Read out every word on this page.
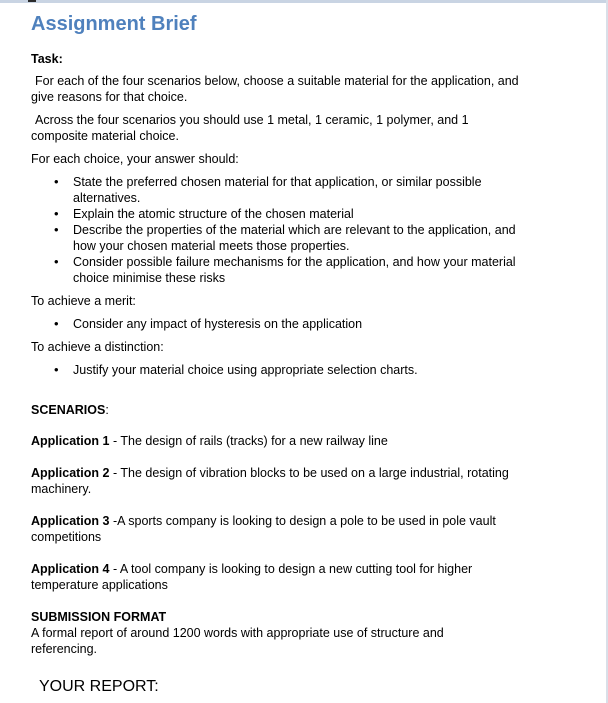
Assignment Brief
Task:

For each of the four scenarios below, choose a suitable material for the application, and give reasons for that choice.

Across the four scenarios you should use 1 metal, 1 ceramic, 1 polymer, and 1 composite material choice.

For each choice, your answer should:
• State the preferred chosen material for that application, or similar possible alternatives.
• Explain the atomic structure of the chosen material
• Describe the properties of the material which are relevant to the application, and how your chosen material meets those properties.
• Consider possible failure mechanisms for the application, and how your material choice minimise these risks
To achieve a merit:
• Consider any impact of hysteresis on the application
To achieve a distinction:
• Justify your material choice using appropriate selection charts.
SCENARIOS:
Application 1 - The design of rails (tracks) for a new railway line
Application 2 - The design of vibration blocks to be used on a large industrial, rotating machinery.
Application 3 -A sports company is looking to design a pole to be used in pole vault competitions
Application 4 - A tool company is looking to design a new cutting tool for higher temperature applications
SUBMISSION FORMAT

A formal report of around 1200 words with appropriate use of structure and referencing.

YOUR REPORT:
